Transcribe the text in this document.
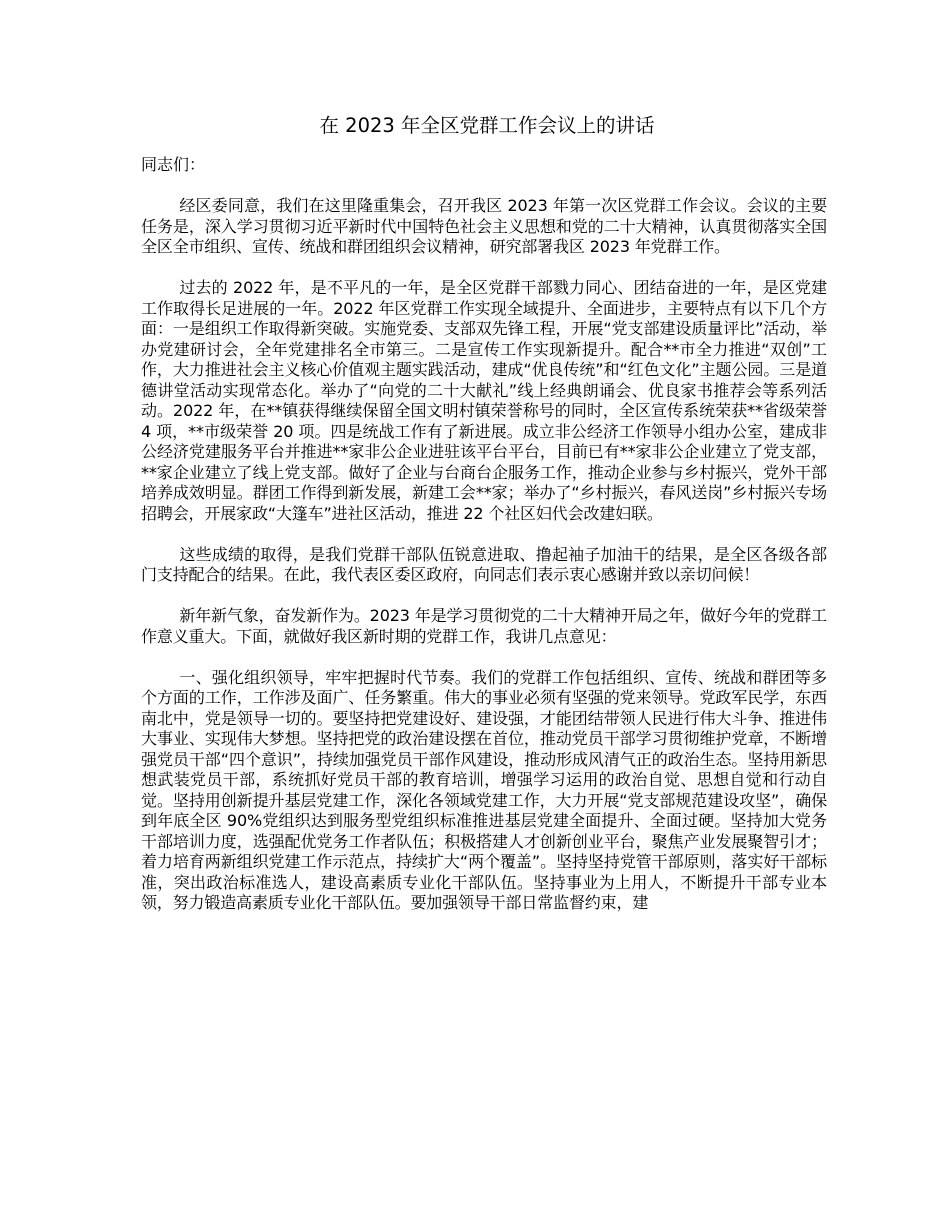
在 2023 年全区党群工作会议上的讲话

同志们：

经区委同意，我们在这里隆重集会，召开我区 2023 年第一次区党群工作会议。会议的主要任务是，深入学习贯彻习近平新时代中国特色社会主义思想和党的二十大精神，认真贯彻落实全国全区全市组织、宣传、统战和群团组织会议精神，研究部署我区 2023 年党群工作。

过去的 2022 年，是不平凡的一年，是全区党群干部戮力同心、团结奋进的一年，是区党建工作取得长足进展的一年。2022 年区党群工作实现全域提升、全面进步，主要特点有以下几个方面：一是组织工作取得新突破。实施党委、支部双先锋工程，开展“党支部建设质量评比”活动，举办党建研讨会，全年党建排名全市第三。二是宣传工作实现新提升。配合**市全力推进“双创”工作，大力推进社会主义核心价值观主题实践活动，建成“优良传统”和“红色文化”主题公园。三是道德讲堂活动实现常态化。举办了“向党的二十大献礼”线上经典朗诵会、优良家书推荐会等系列活动。2022 年，在**镇获得继续保留全国文明村镇荣誉称号的同时，全区宣传系统荣获**省级荣誉 4 项，**市级荣誉 20 项。四是统战工作有了新进展。成立非公经济工作领导小组办公室，建成非公经济党建服务平台并推进**家非公企业进驻该平台平台，目前已有**家非公企业建立了党支部，**家企业建立了线上党支部。做好了企业与台商台企服务工作，推动企业参与乡村振兴，党外干部培养成效明显。群团工作得到新发展，新建工会**家；举办了“乡村振兴，春风送岗”乡村振兴专场招聘会，开展家政“大篷车”进社区活动，推进 22 个社区妇代会改建妇联。

这些成绩的取得，是我们党群干部队伍锐意进取、撸起袖子加油干的结果，是全区各级各部门支持配合的结果。在此，我代表区委区政府，向同志们表示衷心感谢并致以亲切问候！

新年新气象，奋发新作为。2023 年是学习贯彻党的二十大精神开局之年，做好今年的党群工作意义重大。下面，就做好我区新时期的党群工作，我讲几点意见：

一、强化组织领导，牢牢把握时代节奏。我们的党群工作包括组织、宣传、统战和群团等多个方面的工作，工作涉及面广、任务繁重。伟大的事业必须有坚强的党来领导。党政军民学，东西南北中，党是领导一切的。要坚持把党建设好、建设强，才能团结带领人民进行伟大斗争、推进伟大事业、实现伟大梦想。坚持把党的政治建设摆在首位，推动党员干部学习贯彻维护党章，不断增强党员干部“四个意识”，持续加强党员干部作风建设，推动形成风清气正的政治生态。坚持用新思想武装党员干部，系统抓好党员干部的教育培训，增强学习运用的政治自觉、思想自觉和行动自觉。坚持用创新提升基层党建工作，深化各领域党建工作，大力开展“党支部规范建设攻坚”，确保到年底全区 90%党组织达到服务型党组织标准推进基层党建全面提升、全面过硬。坚持加大党务干部培训力度，选强配优党务工作者队伍；积极搭建人才创新创业平台，聚焦产业发展聚智引才；着力培育两新组织党建工作示范点，持续扩大“两个覆盖”。坚持坚持党管干部原则，落实好干部标准，突出政治标准选人，建设高素质专业化干部队伍。坚持事业为上用人，不断提升干部专业本领，努力锻造高素质专业化干部队伍。要加强领导干部日常监督约束，建
